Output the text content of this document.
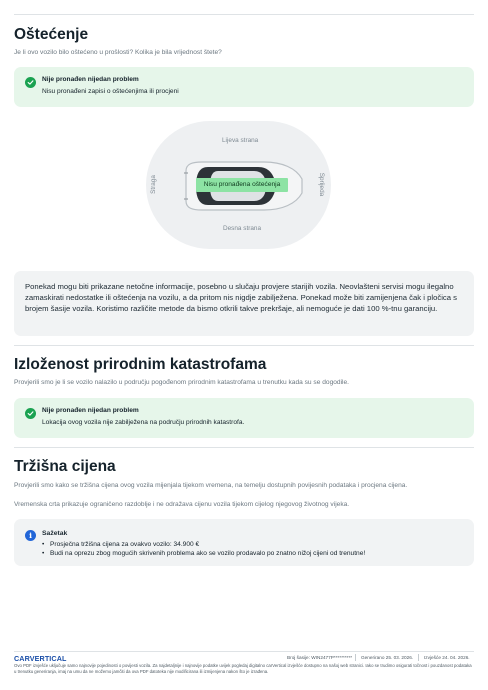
Oštećenje
Je li ovo vozilo bilo oštećeno u prošlosti? Kolika je bila vrijednost štete?
Nije pronađen nijedan problem
Nisu pronađeni zapisi o oštećenjima ili procjeni
Lijeva strana
Desna strana
Straga	Sprijeda
Nisu pronađena oštećenja
Ponekad mogu biti prikazane netočne informacije, posebno u slučaju provjere starijih vozila. Neovlašteni servisi mogu ilegalno zamaskirati nedostatke ili oštećenja na vozilu, a da pritom nis nigdje zabilježena. Ponekad može biti zamijenjena čak i pločica s brojem šasije vozila. Koristimo različite metode da bismo otkrili takve prekršaje, ali nemoguće je dati 100 %-tnu garanciju.
Izloženost prirodnim katastrofama
Provjerili smo je li se vozilo nalazilo u području pogođenom prirodnim katastrofama u trenutku kada su se dogodile.
Nije pronađen nijedan problem
Lokacija ovog vozila nije zabilježena na području prirodnih katastrofa.
Tržišna cijena
Provjerili smo kako se tržišna cijena ovog vozila mijenjala tijekom vremena, na temelju dostupnih povijesnih podataka i procjena cijena.
Vremenska crta prikazuje ograničeno razdoblje i ne odražava cijenu vozila tijekom cijelog njegovog životnog vijeka.
i	Sažetak
• Prosječna tržišna cijena za ovakvo vozilo: 34.900 €
• Budi na oprezu zbog mogućih skrivenih problema ako se vozilo prodavalo po znatno nižoj cijeni od trenutne!
CARVERTICAL	Broj šasije: WIN2477P********** Generirano 25. 03. 2026. Izvješće 24. 04. 2026.
Ovo PDF izvješće uključuje samo najnovije pojedinosti o povijesti vozila. Za najdetaljnije i najnovije podatke uvijek pogledaj digitalno carVertical izvješće dostupno na našoj web stranici. Iako se trudimo osigurati točnost i pouzdanost podataka u trenutku generiranja, imaj na umu da ne možemo jamčiti da ova PDF datoteka nije modificirana ili izmijenjena nakon što je izrađena.
